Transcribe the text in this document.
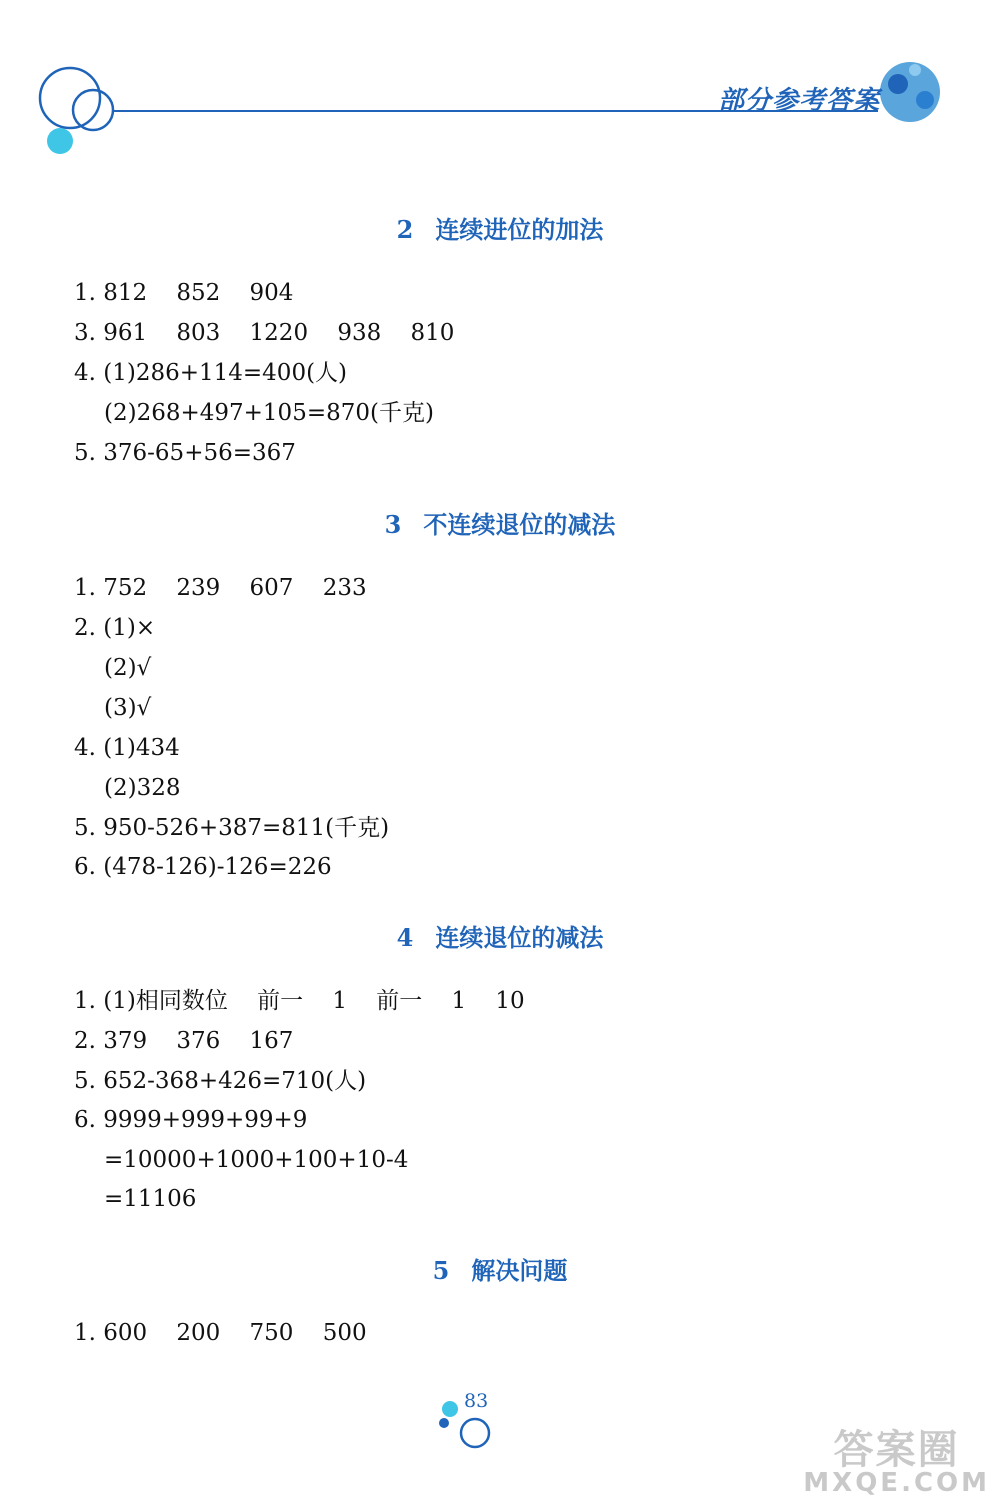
部分参考答案
2 连续进位的加法
1. 812    852    904
3. 961    803    1220    938    810
4. (1)286+114=400(人)
(2)268+497+105=870(千克)
5. 376-65+56=367
3 不连续退位的减法
1. 752    239    607    233
2. (1)×
(2)√
(3)√
4. (1)434
(2)328
5. 950-526+387=811(千克)
6. (478-126)-126=226
4 连续退位的减法
1. (1)相同数位    前一    1    前一    1    10
2. 379    376    167
5. 652-368+426=710(人)
6. 9999+999+99+9
=10000+1000+100+10-4
=11106
5 解决问题
1. 600    200    750    500
83
答案圈
MXQE.COM
